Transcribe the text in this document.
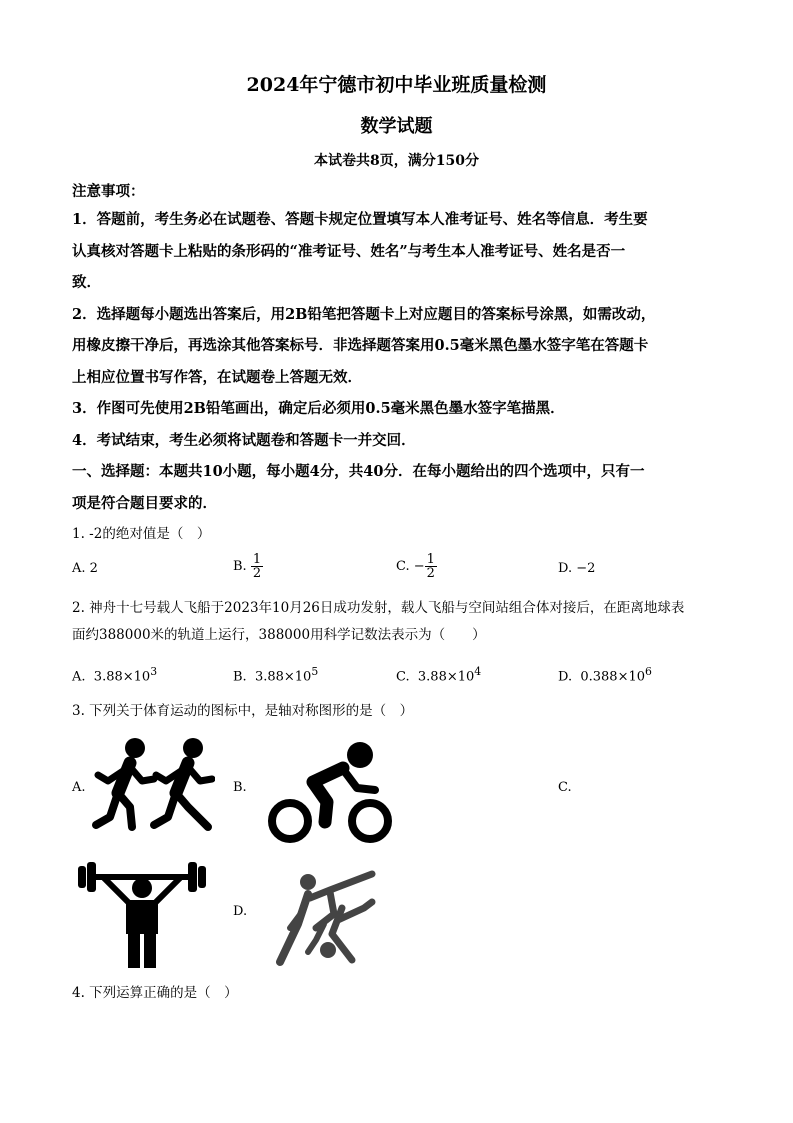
2024年宁德市初中毕业班质量检测
数学试题
本试卷共8页，满分150分
注意事项：
1．答题前，考生务必在试题卷、答题卡规定位置填写本人准考证号、姓名等信息．考生要
认真核对答题卡上粘贴的条形码的“准考证号、姓名”与考生本人准考证号、姓名是否一
致．
2．选择题每小题选出答案后，用2B铅笔把答题卡上对应题目的答案标号涂黑，如需改动，
用橡皮擦干净后，再选涂其他答案标号．非选择题答案用0.5毫米黑色墨水签字笔在答题卡
上相应位置书写作答，在试题卷上答题无效．
3．作图可先使用2B铅笔画出，确定后必须用0.5毫米黑色墨水签字笔描黑．
4．考试结束，考生必须将试题卷和答题卡一并交回．
一、选择题：本题共10小题，每小题4分，共40分．在每小题给出的四个选项中，只有一
项是符合题目要求的．
1. -2的绝对值是（　）
A. 2	B. $\frac{1}{2}$	C. − $\frac{1}{2}$	D. −2
2. 神舟十七号载人飞船于2023年10月26日成功发射，载人飞船与空间站组合体对接后，在距离地球表
面约388000米的轨道上运行，388000用科学记数法表示为（　　）
A. $3.88\times 10^3$	B. $3.88\times 10^5$	C. $3.88\times 10^4$	D. $0.388\times 10^6$
3. 下列关于体育运动的图标中，是轴对称图形的是（　）
A.	B.	C.
D.
4. 下列运算正确的是（　）
